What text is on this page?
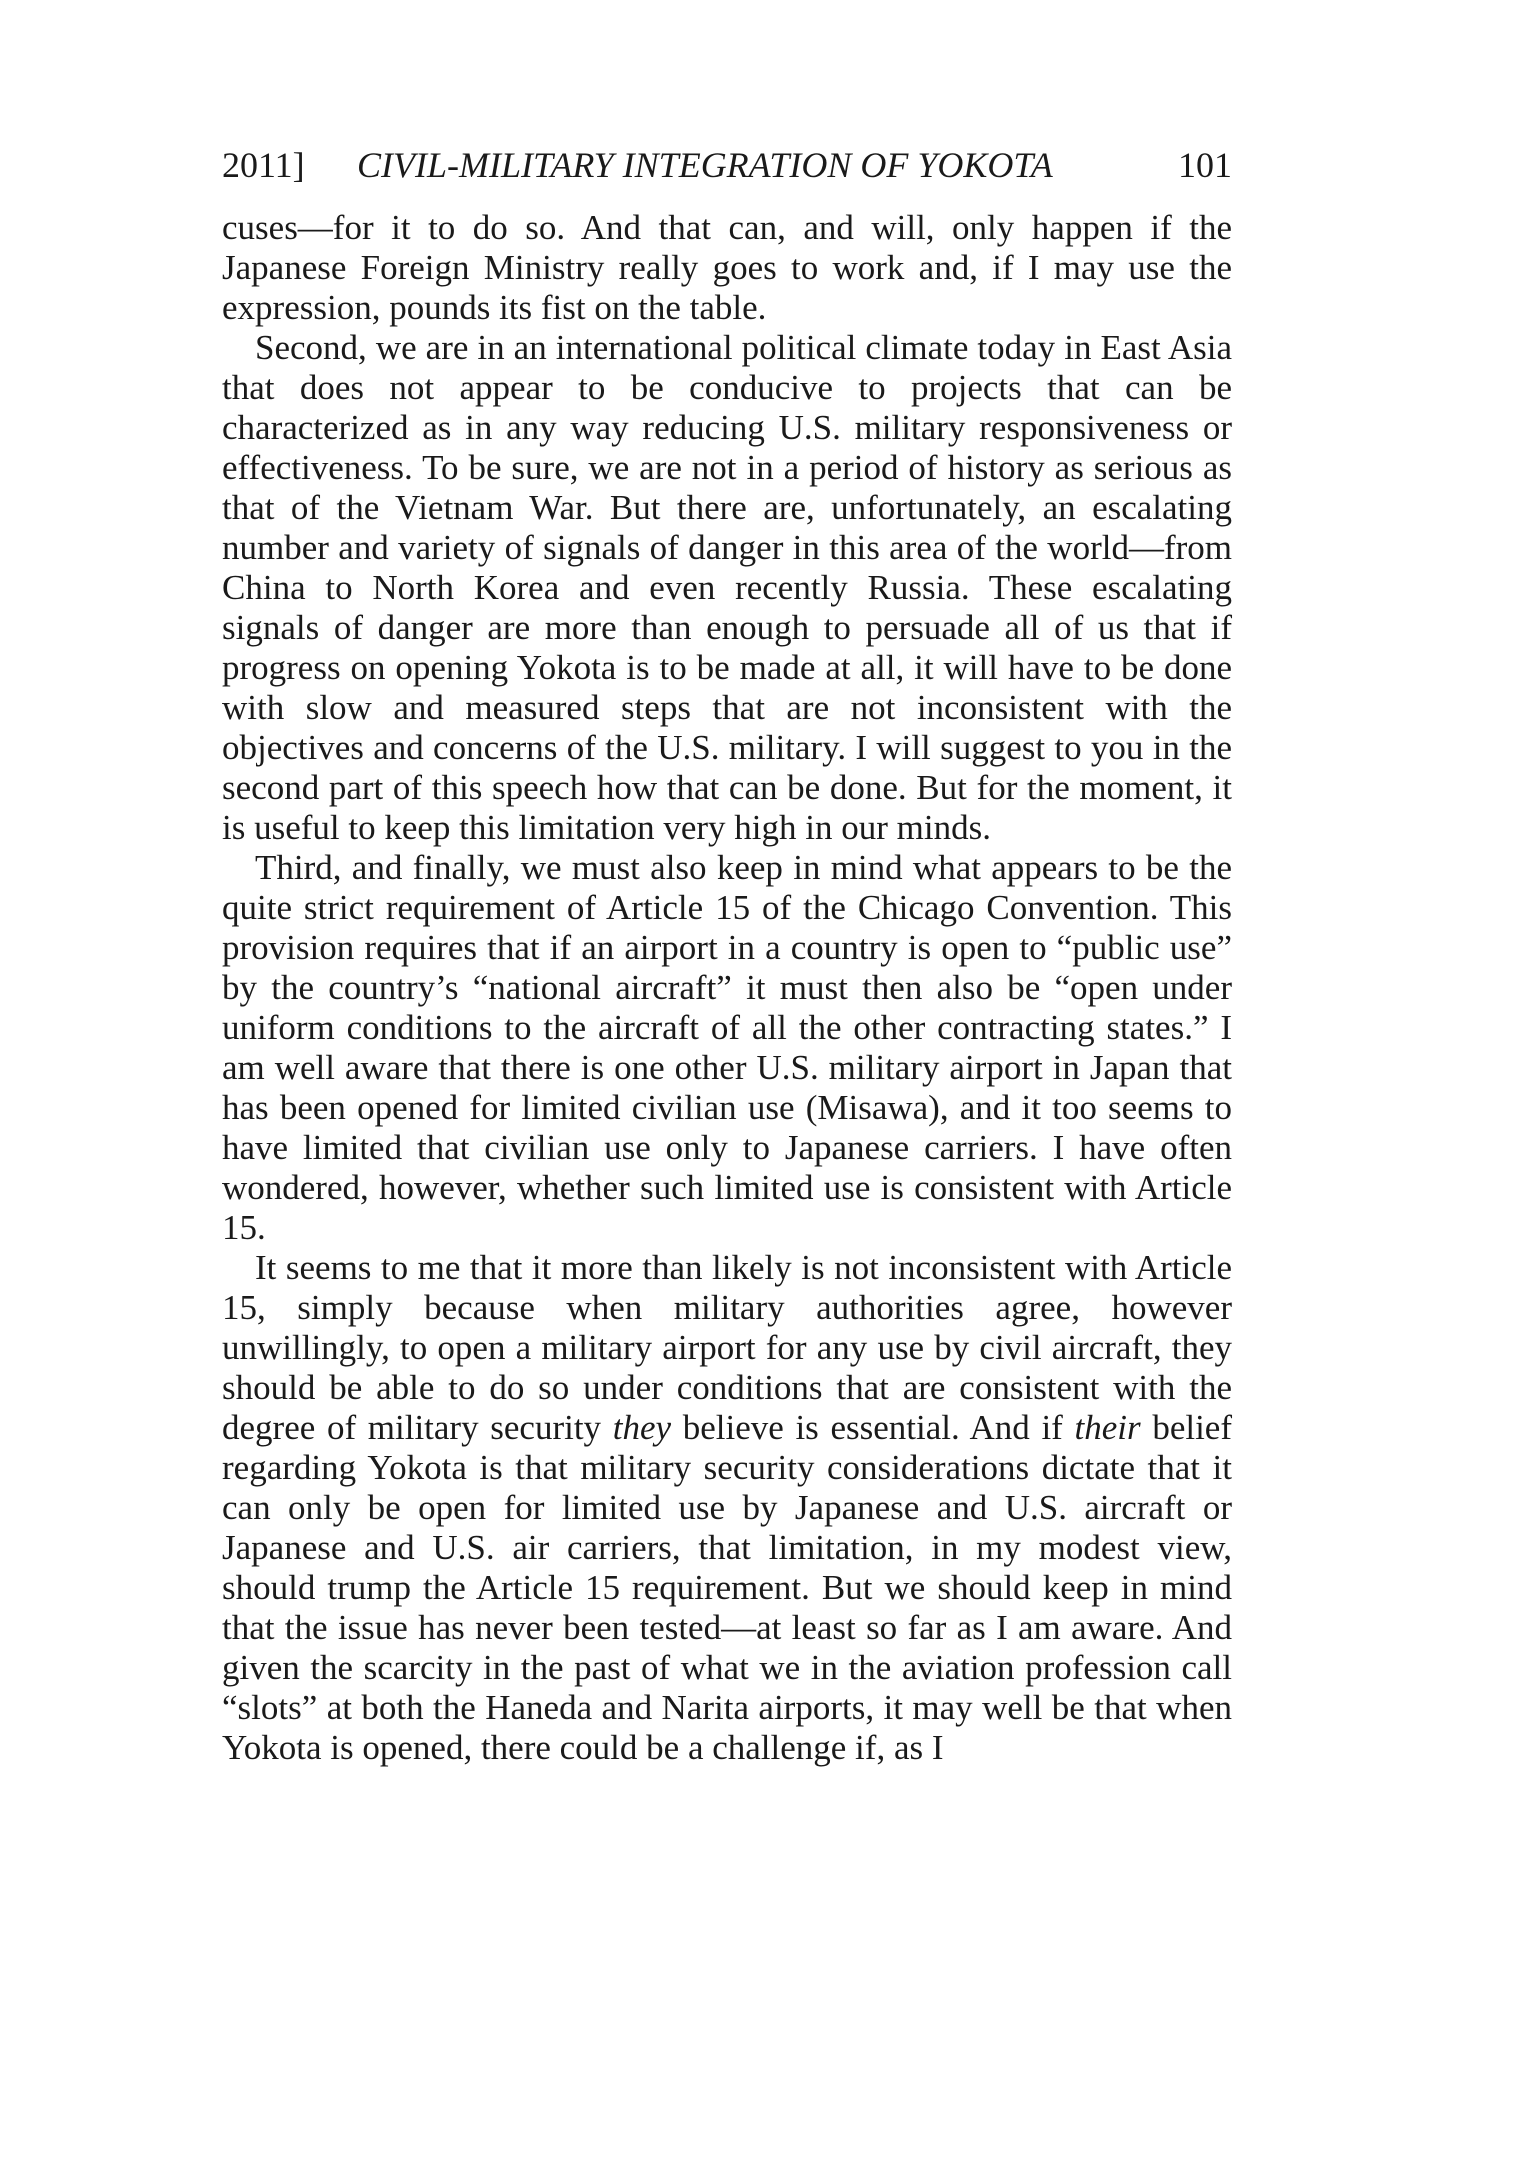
2011] CIVIL-MILITARY INTEGRATION OF YOKOTA	101

cuses—for it to do so. And that can, and will, only happen if the Japanese Foreign Ministry really goes to work and, if I may use the expression, pounds its fist on the table.

Second, we are in an international political climate today in East Asia that does not appear to be conducive to projects that can be characterized as in any way reducing U.S. military responsiveness or effectiveness. To be sure, we are not in a period of history as serious as that of the Vietnam War. But there are, unfortunately, an escalating number and variety of signals of danger in this area of the world—from China to North Korea and even recently Russia. These escalating signals of danger are more than enough to persuade all of us that if progress on opening Yokota is to be made at all, it will have to be done with slow and measured steps that are not inconsistent with the objectives and concerns of the U.S. military. I will suggest to you in the second part of this speech how that can be done. But for the moment, it is useful to keep this limitation very high in our minds.

Third, and finally, we must also keep in mind what appears to be the quite strict requirement of Article 15 of the Chicago Convention. This provision requires that if an airport in a country is open to “public use” by the country’s “national aircraft” it must then also be “open under uniform conditions to the aircraft of all the other contracting states.” I am well aware that there is one other U.S. military airport in Japan that has been opened for limited civilian use (Misawa), and it too seems to have limited that civilian use only to Japanese carriers. I have often wondered, however, whether such limited use is consistent with Article 15.

It seems to me that it more than likely is not inconsistent with Article 15, simply because when military authorities agree, however unwillingly, to open a military airport for any use by civil aircraft, they should be able to do so under conditions that are consistent with the degree of military security they believe is essential. And if their belief regarding Yokota is that military security considerations dictate that it can only be open for limited use by Japanese and U.S. aircraft or Japanese and U.S. air carriers, that limitation, in my modest view, should trump the Article 15 requirement. But we should keep in mind that the issue has never been tested—at least so far as I am aware. And given the scarcity in the past of what we in the aviation profession call “slots” at both the Haneda and Narita airports, it may well be that when Yokota is opened, there could be a challenge if, as I
